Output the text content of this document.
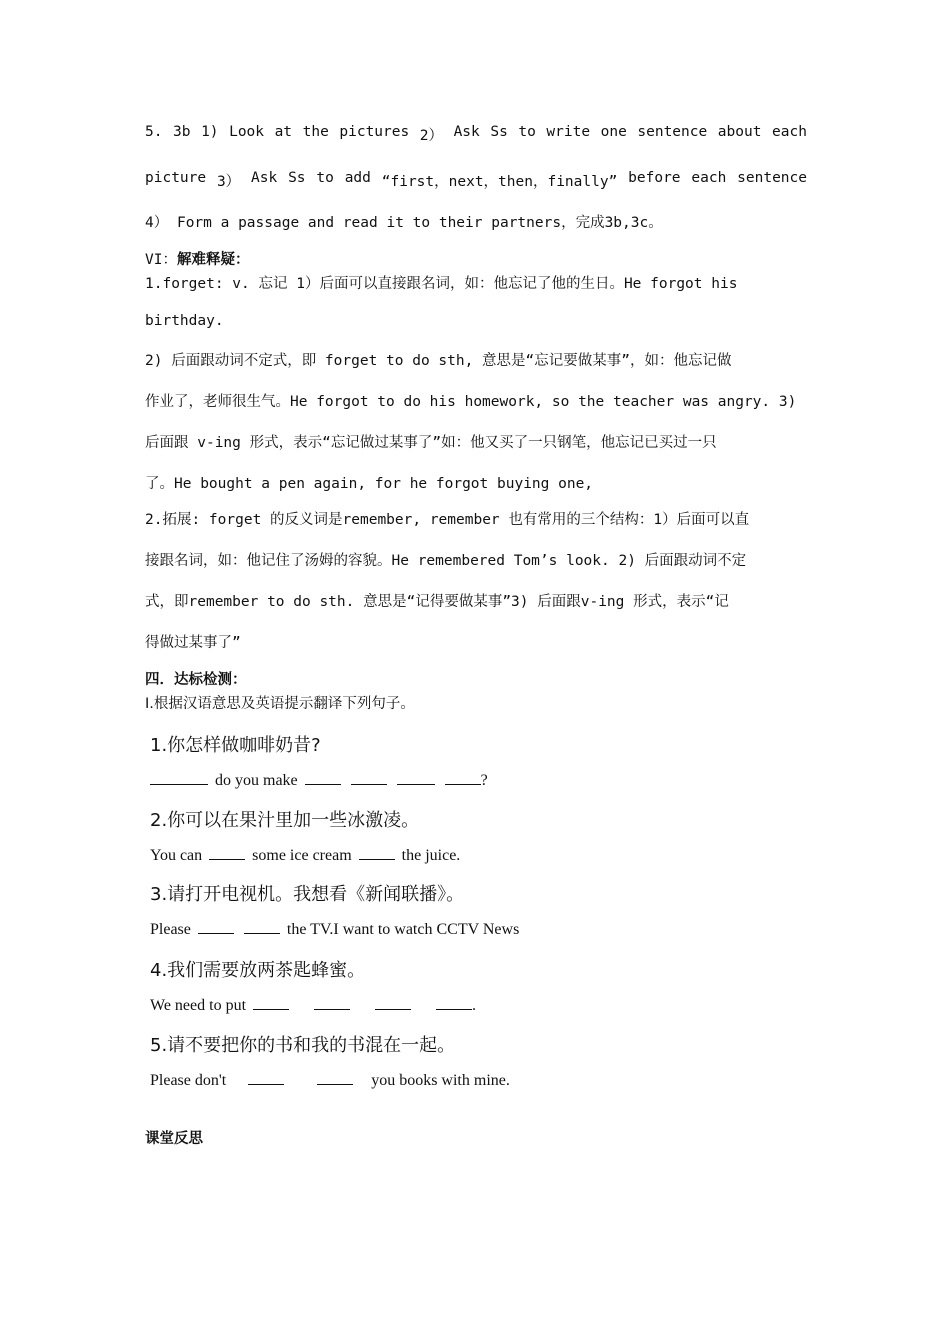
5. 3b 1) Look at the pictures 2） Ask Ss to write one sentence about each
picture 3） Ask Ss to add “first，next，then，finally” before each sentence
4） Form a passage and read it to their partners，完成3b,3c。
VI：解难释疑：
1.forget: v. 忘记 1）后面可以直接跟名词，如：他忘记了他的生日。He forgot his
birthday.
2) 后面跟动词不定式，即 forget to do sth, 意思是“忘记要做某事”，如：他忘记做
作业了，老师很生气。He forgot to do his homework, so the teacher was angry. 3)
后面跟 v-ing 形式，表示“忘记做过某事了”如：他又买了一只钢笔，他忘记已买过一只
了。He bought a pen again, for he forgot buying one,
2.拓展: forget 的反义词是remember, remember 也有常用的三个结构：1）后面可以直
接跟名词，如：他记住了汤姆的容貌。He remembered Tom’s look. 2) 后面跟动词不定
式，即remember to do sth. 意思是“记得要做某事”3) 后面跟v-ing 形式，表示“记
得做过某事了”
四．达标检测：
Ⅰ.根据汉语意思及英语提示翻译下列句子。
1.你怎样做咖啡奶昔?
do you make	?
2.你可以在果汁里加一些冰激凌。
You can	some ice cream	the juice.
3.请打开电视机。我想看《新闻联播》。
Please	the TV.I want to watch CCTV News
4.我们需要放两茶匙蜂蜜。
We need to put	.
5.请不要把你的书和我的书混在一起。
Please don't	you books with mine.
课堂反思
